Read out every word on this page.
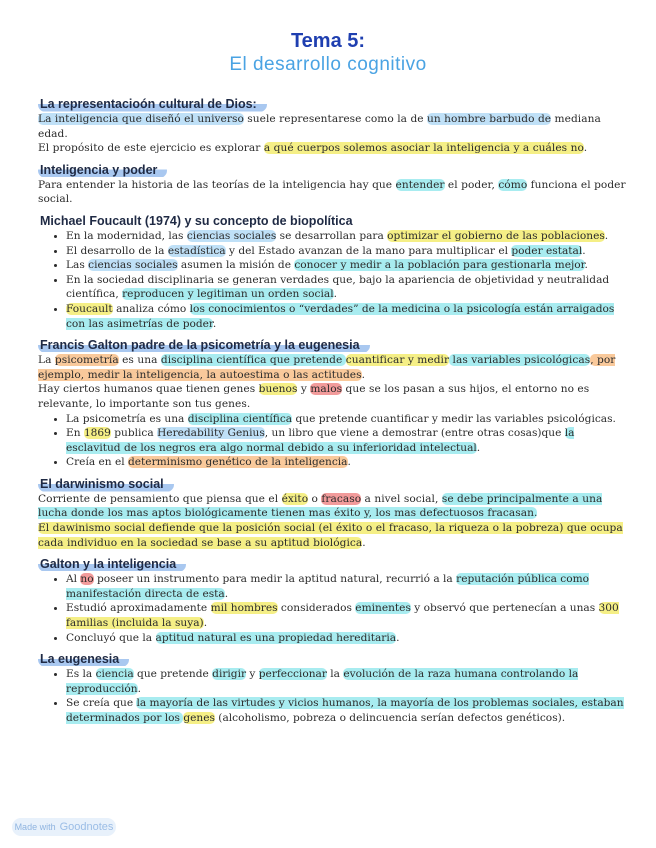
Tema 5:
El desarrollo cognitivo
La representacioón cultural de Dios:

La inteligencia que diseñó el universo suele representarese como la de un hombre barbudo de mediana edad.

El propósito de este ejercicio es explorar a qué cuerpos solemos asociar la inteligencia y a cuáles no.

Inteligencia y poder

Para entender la historia de las teorías de la inteligencia hay que entender el poder, cómo funciona el poder social.

Michael Foucault (1974) y su concepto de biopolítica
• En la modernidad, las ciencias sociales se desarrollan para optimizar el gobierno de las poblaciones.
• El desarrollo de la estadística y del Estado avanzan de la mano para multiplicar el poder estatal.
• Las ciencias sociales asumen la misión de conocer y medir a la población para gestionarla mejor.
• En la sociedad disciplinaria se generan verdades que, bajo la apariencia de objetividad y neutralidad científica, reproducen y legitiman un orden social.
• Foucault analiza cómo los conocimientos o “verdades” de la medicina o la psicología están arraigados con las asimetrías de poder.
Francis Galton padre de la psicometría y la eugenesia

La psicometría es una disciplina científica que pretende cuantificar y medir las variables psicológicas, por ejemplo, medir la inteligencia, la autoestima o las actitudes.

Hay ciertos humanos quae tienen genes buenos y malos que se los pasan a sus hijos, el entorno no es relevante, lo importante son tus genes.

• La psicometría es una disciplina científica que pretende cuantificar y medir las variables psicológicas.
• En 1869 publica Heredability Genius, un libro que viene a demostrar (entre otras cosas)que la esclavitud de los negros era algo normal debido a su inferioridad intelectual.
• Creía en el determinismo genético de la inteligencia.
El darwinismo social

Corriente de pensamiento que piensa que el éxito o fracaso a nivel social, se debe principalmente a una lucha donde los mas aptos biológicamente tienen mas éxito y, los mas defectuosos fracasan.

El dawinismo social defiende que la posición social (el éxito o el fracaso, la riqueza o la pobreza) que ocupa cada individuo en la sociedad se base a su aptitud biológica.

Galton y la inteligencia
• Al no poseer un instrumento para medir la aptitud natural, recurrió a la reputación pública como manifestación directa de esta.
• Estudió aproximadamente mil hombres considerados eminentes y observó que pertenecían a unas 300 familias (incluida la suya).
• Concluyó que la aptitud natural es una propiedad hereditaria.
La eugenesia
• Es la ciencia que pretende dirigir y perfeccionar la evolución de la raza humana controlando la reproducción.
• Se creía que la mayoría de las virtudes y vicios humanos, la mayoría de los problemas sociales, estaban determinados por los genes (alcoholismo, pobreza o delincuencia serían defectos genéticos).
Made with Goodnotes
